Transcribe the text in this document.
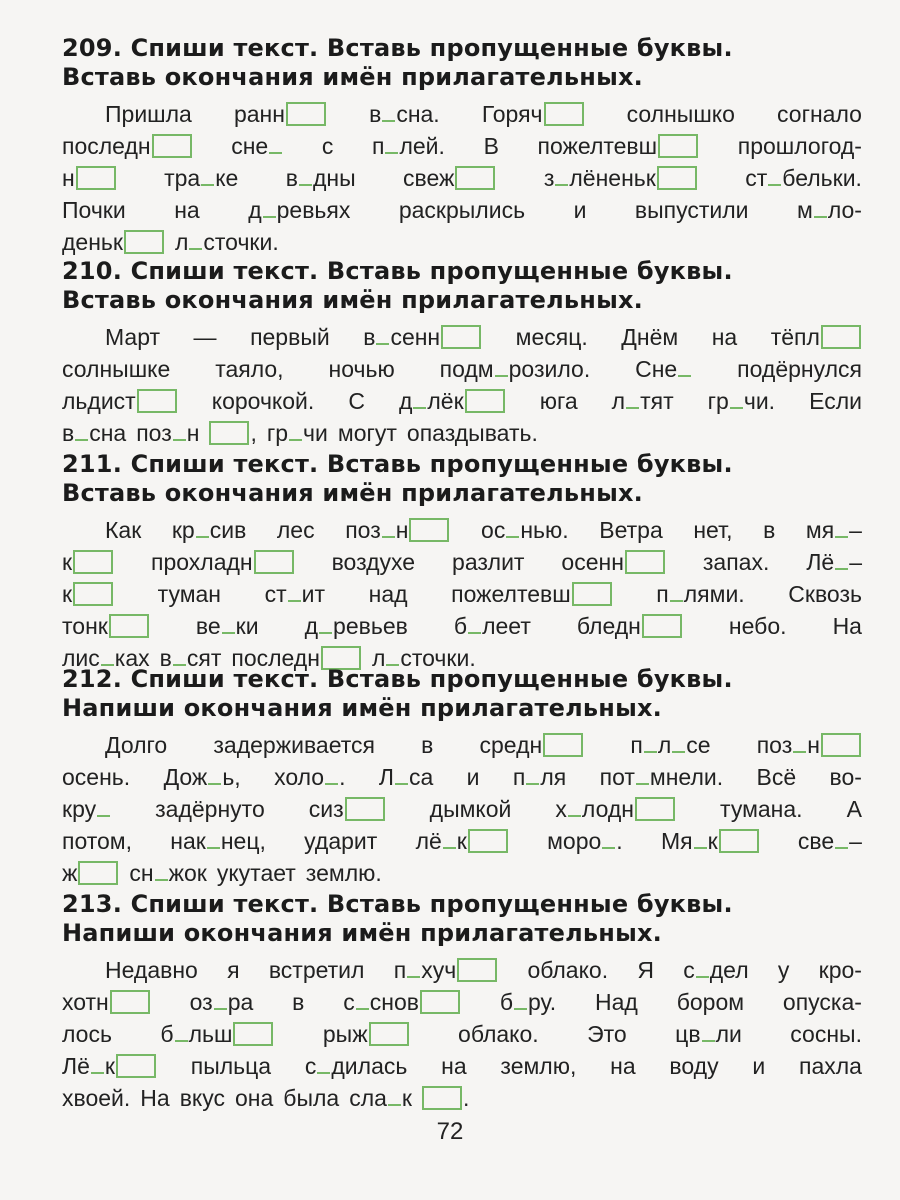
209. Спиши текст. Вставь пропущенные буквы.
Вставь окончания имён прилагательных.
Пришла ранн	в сна. Горяч	солнышко согнало
последн	сне	с п лей. В пожелтевш	прошлогод-
н	тра ке в дны свеж	з лёненьк	ст бельки.
Почки на д ревьях раскрылись и выпустили м ло-
деньк	л сточки.
210. Спиши текст. Вставь пропущенные буквы.
Вставь окончания имён прилагательных.
Март — первый в сенн	месяц. Днём на тёпл
солнышке таяло, ночью подм розило. Сне	подёрнулся
льдист	корочкой. С д лёк	юга л тят гр чи. Если
в сна поз н , гр чи могут опаздывать.
211. Спиши текст. Вставь пропущенные буквы.
Вставь окончания имён прилагательных.
Как кр сив лес поз н	ос нью. Ветра нет, в мя –
к	прохладн	воздухе разлит осенн	запах. Лё –
к	туман ст ит над пожелтевш	п лями. Сквозь
тонк	ве ки д ревьев б леет бледн	небо. На
лис ках в сят последн	л сточки.
212. Спиши текст. Вставь пропущенные буквы.
Напиши окончания имён прилагательных.
Долго задерживается в средн	п л се поз н
осень. Дож ь, холо . Л са и п ля пот мнели. Всё во-
кру	задёрнуто сиз	дымкой х лодн	тумана. А
потом, нак нец, ударит лё к	моро . Мя к	све –
ж	сн жок укутает землю.
213. Спиши текст. Вставь пропущенные буквы.
Напиши окончания имён прилагательных.
Недавно я встретил п хуч	облако. Я с дел у кро-
хотн	оз ра в с снов	б ру. Над бором опуска-
лось б льш	рыж	облако. Это цв ли сосны.
Лё к	пыльца с дилась на землю, на воду и пахла
хвоей. На вкус она была сла к .
72
